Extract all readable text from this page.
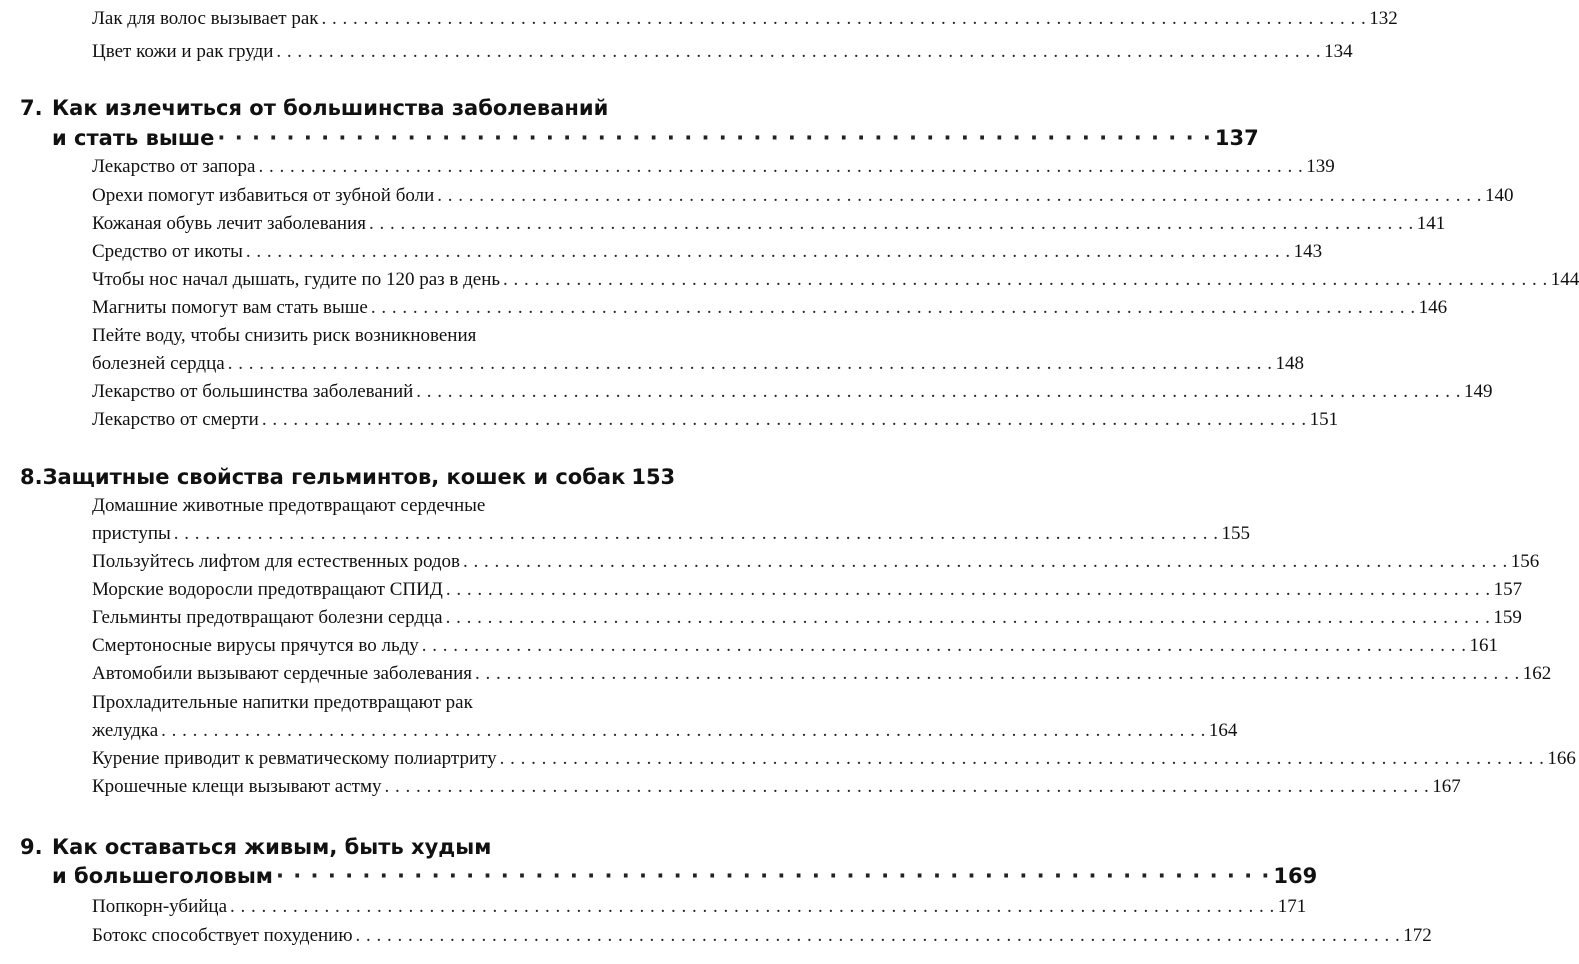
Лак для волос вызывает рак . . .	132
Цвет кожи и рак груди . . .	134
7. Как излечиться от большинства заболеваний
и стать выше · · ·	137
Лекарство от запора . . .	139
Орехи помогут избавиться от зубной боли . . .	140
Кожаная обувь лечит заболевания . . .	141
Средство от икоты . . .	143
Чтобы нос начал дышать, гудите по 120 раз в день . . .	144
Магниты помогут вам стать выше . . .	146
Пейте воду, чтобы снизить риск возникновения
болезней сердца . . .	148
Лекарство от большинства заболеваний . . .	149
Лекарство от смерти . . .	151
8. Защитные свойства гельминтов, кошек и собак 153
Домашние животные предотвращают сердечные
приступы . . .	155
Пользуйтесь лифтом для естественных родов . . .	156
Морские водоросли предотвращают СПИД . . .	157
Гельминты предотвращают болезни сердца . . .	159
Смертоносные вирусы прячутся во льду . . .	161
Автомобили вызывают сердечные заболевания . . .	162
Прохладительные напитки предотвращают рак
желудка . . .	164
Курение приводит к ревматическому полиартриту . . .	166
Крошечные клещи вызывают астму . . .	167
9. Как оставаться живым, быть худым
и большеголовым · · ·	169
Попкорн-убийца . . .	171
Ботокс способствует похудению . . .	172
